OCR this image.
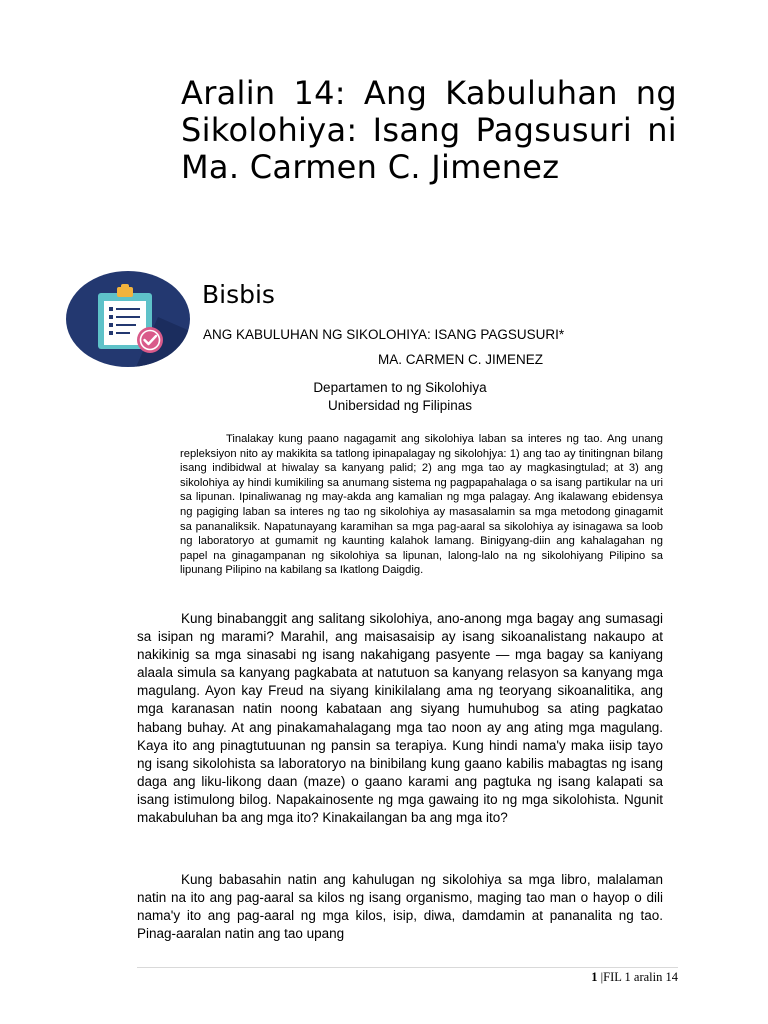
Aralin 14: Ang Kabuluhan ng Sikolohiya: Isang Pagsusuri ni Ma. Carmen C. Jimenez
Bisbis

ANG KABULUHAN NG SIKOLOHIYA: ISANG PAGSUSURI*

MA. CARMEN C. JIMENEZ

Departamen to ng Sikolohiya

Unibersidad ng Filipinas

Tinalakay kung paano nagagamit ang sikolohiya laban sa interes ng tao. Ang unang repleksiyon nito ay makikita sa tatlong ipinapalagay ng sikolohjya: 1) ang tao ay tinitingnan bilang isang indibidwal at hiwalay sa kanyang palid; 2) ang mga tao ay magkasingtulad; at 3) ang sikolohiya ay hindi kumikiling sa anumang sistema ng pagpapahalaga o sa isang partikular na uri sa lipunan. Ipinaliwanag ng may-akda ang kamalian ng mga palagay. Ang ikalawang ebidensya ng pagiging laban sa interes ng tao ng sikolohiya ay masasalamin sa mga metodong ginagamit sa pananaliksik. Napatunayang karamihan sa mga pag-aaral sa sikolohiya ay isinagawa sa loob ng laboratoryo at gumamit ng kaunting kalahok lamang. Binigyang-diin ang kahalagahan ng papel na ginagampanan ng sikolohiya sa lipunan, lalong-lalo na ng sikolohiyang Pilipino sa lipunang Pilipino na kabilang sa Ikatlong Daigdig.

Kung binabanggit ang salitang sikolohiya, ano-anong mga bagay ang sumasagi sa isipan ng marami? Marahil, ang maisasaisip ay isang sikoanalistang nakaupo at nakikinig sa mga sinasabi ng isang nakahigang pasyente — mga bagay sa kaniyang alaala simula sa kanyang pagkabata at natutuon sa kanyang relasyon sa kanyang mga magulang. Ayon kay Freud na siyang kinikilalang ama ng teoryang sikoanalitika, ang mga karanasan natin noong kabataan ang siyang humuhubog sa ating pagkatao habang buhay. At ang pinakamahalagang mga tao noon ay ang ating mga magulang. Kaya ito ang pinagtutuunan ng pansin sa terapiya. Kung hindi nama'y maka iisip tayo ng isang sikolohista sa laboratoryo na binibilang kung gaano kabilis mabagtas ng isang daga ang liku-likong daan (maze) o gaano karami ang pagtuka ng isang kalapati sa isang istimulong bilog. Napakainosente ng mga gawaing ito ng mga sikolohista. Ngunit makabuluhan ba ang mga ito? Kinakailangan ba ang mga ito?

Kung babasahin natin ang kahulugan ng sikolohiya sa mga libro, malalaman natin na ito ang pag-aaral sa kilos ng isang organismo, maging tao man o hayop o dili nama'y ito ang pag-aaral ng mga kilos, isip, diwa, damdamin at pananalita ng tao. Pinag-aaralan natin ang tao upang

1 |FIL 1 aralin 14
